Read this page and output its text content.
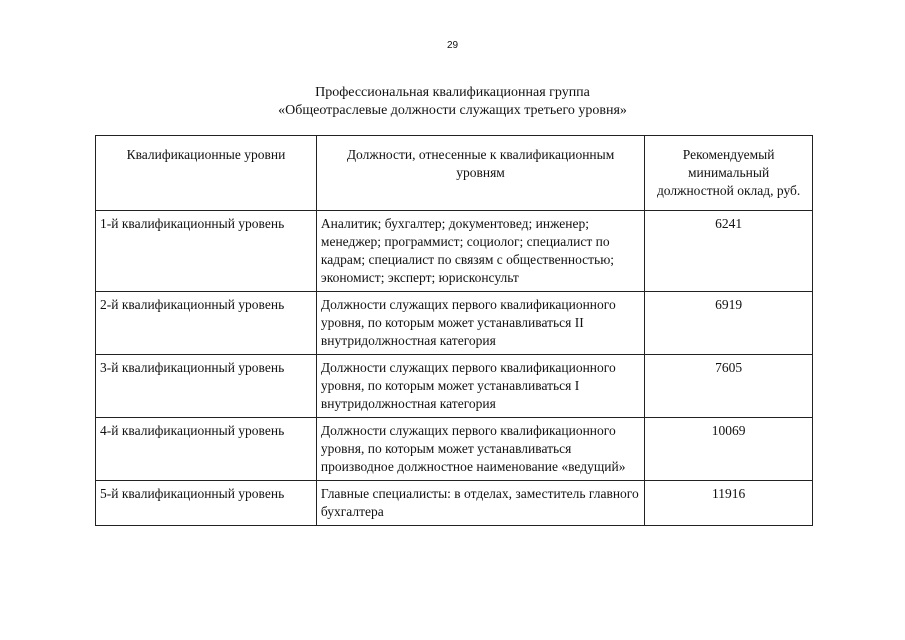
29
Профессиональная квалификационная группа
«Общеотраслевые должности служащих третьего уровня»
Квалификационные уровни	Должности, отнесенные к квалификационным уровням	Рекомендуемый минимальный должностной оклад, руб.
1-й квалификационный уровень	Аналитик; бухгалтер; документовед; инженер; менеджер; программист; социолог; специалист по кадрам; специалист по связям с общественностью; экономист; эксперт; юрисконсульт	6241
2-й квалификационный уровень	Должности служащих первого квалификационного уровня, по которым может устанавливаться II внутридолжностная категория	6919
3-й квалификационный уровень	Должности служащих первого квалификационного уровня, по которым может устанавливаться I внутридолжностная категория	7605
4-й квалификационный уровень	Должности служащих первого квалификационного уровня, по которым может устанавливаться производное должностное наименование «ведущий»	10069
5-й квалификационный уровень	Главные специалисты: в отделах, заместитель главного бухгалтера	11916
